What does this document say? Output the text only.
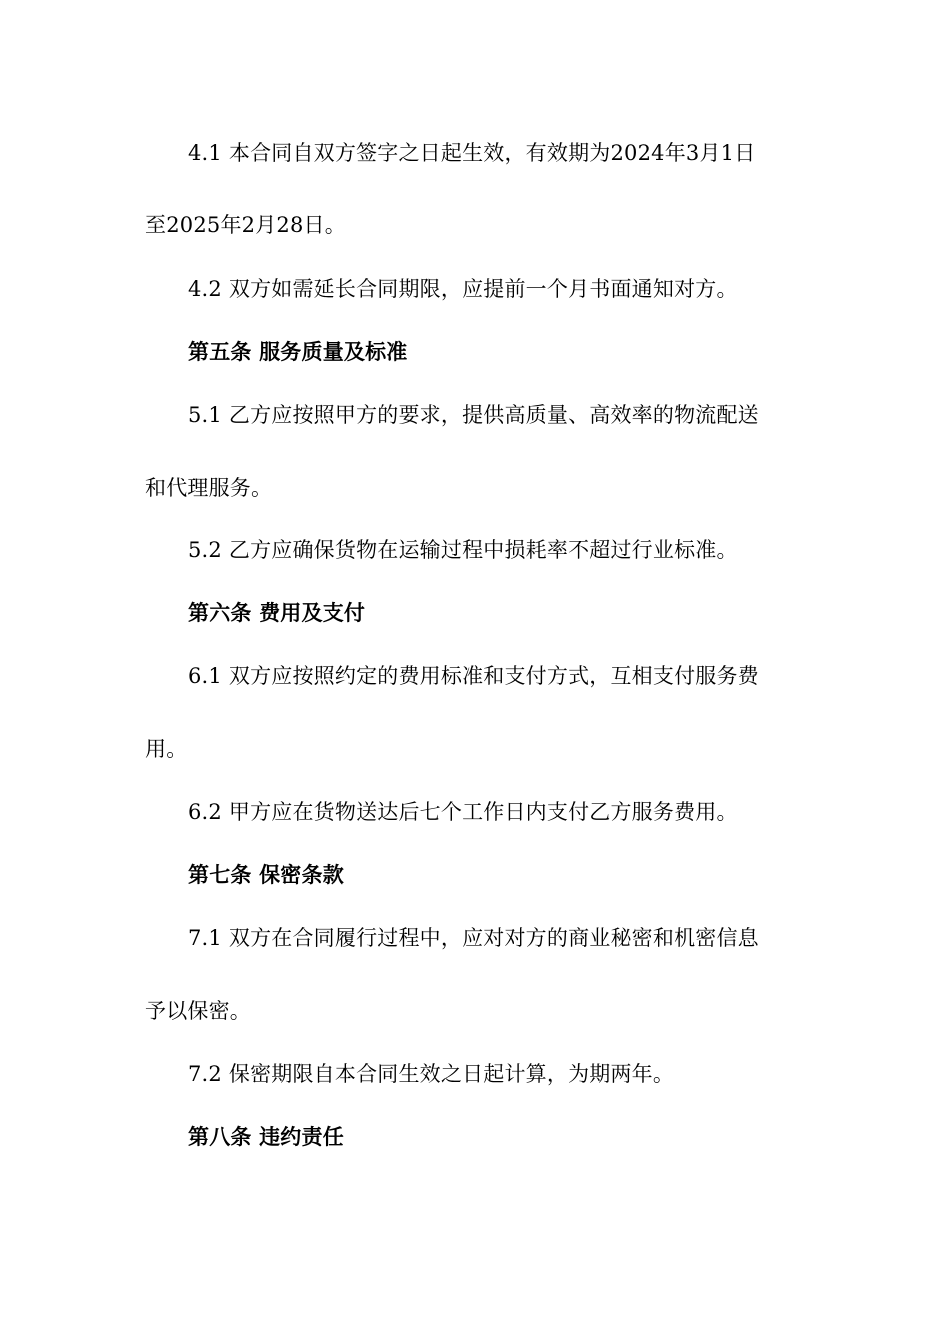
4.1 本合同自双方签字之日起生效，有效期为2024年3月1日
至2025年2月28日。
4.2 双方如需延长合同期限，应提前一个月书面通知对方。
第五条 服务质量及标准
5.1 乙方应按照甲方的要求，提供高质量、高效率的物流配送
和代理服务。
5.2 乙方应确保货物在运输过程中损耗率不超过行业标准。
第六条 费用及支付
6.1 双方应按照约定的费用标准和支付方式，互相支付服务费
用。
6.2 甲方应在货物送达后七个工作日内支付乙方服务费用。
第七条 保密条款
7.1 双方在合同履行过程中，应对对方的商业秘密和机密信息
予以保密。
7.2 保密期限自本合同生效之日起计算，为期两年。
第八条 违约责任
